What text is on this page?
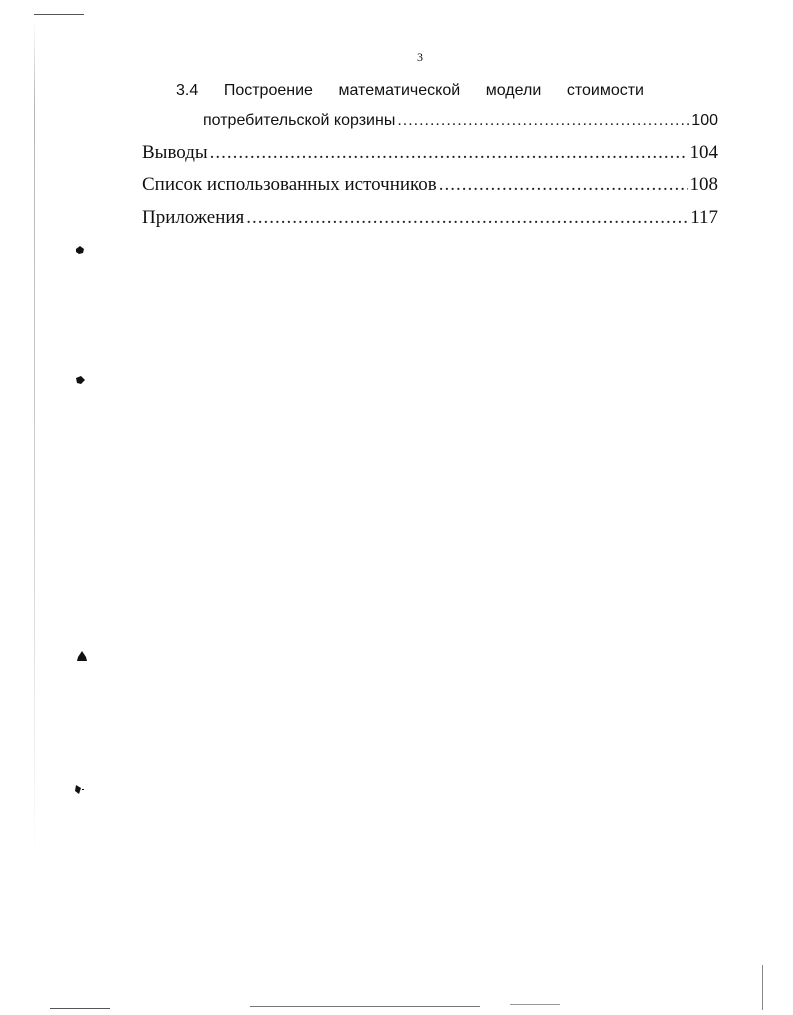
3
3.4 Построение математической модели стоимости
потребительской корзины .....	100
Выводы .....	104
Список использованных источников .....	108
Приложения .....	117
